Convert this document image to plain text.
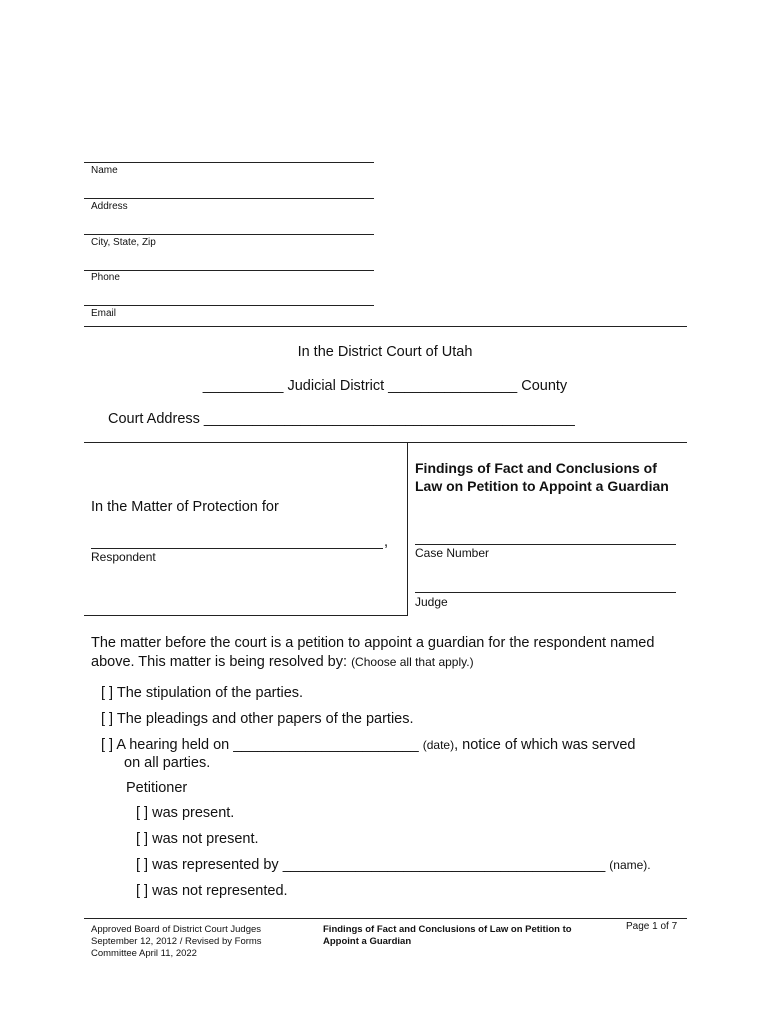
Name
Address
City, State, Zip
Phone
Email
In the District Court of Utah
__________ Judicial District ________________ County
Court Address ______________________________________________
In the Matter of Protection for
,
Respondent
Findings of Fact and Conclusions of Law on Petition to Appoint a Guardian
Case Number
Judge
The matter before the court is a petition to appoint a guardian for the respondent named above. This matter is being resolved by: (Choose all that apply.)
[ ] The stipulation of the parties.
[ ] The pleadings and other papers of the parties.
[ ] A hearing held on _______________________ (date), notice of which was served
on all parties.
Petitioner
[ ] was present.
[ ] was not present.
[ ] was represented by ________________________________________ (name).
[ ] was not represented.
Approved Board of District Court Judges
September 12, 2012 / Revised by Forms
Committee April 11, 2022
Findings of Fact and Conclusions of Law on Petition to
Appoint a Guardian
Page 1 of 7
